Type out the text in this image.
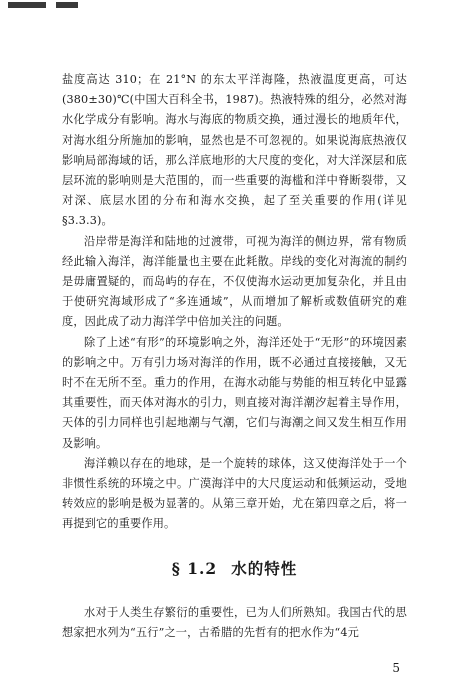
盐度高达 310；在 21°N 的东太平洋海隆，热液温度更高，可达(380±30)℃(中国大百科全书，1987)。热液特殊的组分，必然对海水化学成分有影响。海水与海底的物质交换，通过漫长的地质年代，对海水组分所施加的影响，显然也是不可忽视的。如果说海底热液仅影响局部海域的话，那么洋底地形的大尺度的变化，对大洋深层和底层环流的影响则是大范围的，而一些重要的海槛和洋中脊断裂带，又对深、底层水团的分布和海水交换，起了至关重要的作用(详见§3.3.3)。

沿岸带是海洋和陆地的过渡带，可视为海洋的侧边界，常有物质经此输入海洋，海洋能量也主要在此耗散。岸线的变化对海流的制约是毋庸置疑的，而岛屿的存在，不仅使海水运动更加复杂化，并且由于使研究海域形成了“多连通域”，从而增加了解析或数值研究的难度，因此成了动力海洋学中倍加关注的问题。

除了上述“有形”的环境影响之外，海洋还处于“无形”的环境因素的影响之中。万有引力场对海洋的作用，既不必通过直接接触，又无时不在无所不至。重力的作用，在海水动能与势能的相互转化中显露其重要性，而天体对海水的引力，则直接对海洋潮汐起着主导作用，天体的引力同样也引起地潮与气潮，它们与海潮之间又发生相互作用及影响。

海洋赖以存在的地球，是一个旋转的球体，这又使海洋处于一个非惯性系统的环境之中。广漠海洋中的大尺度运动和低频运动，受地转效应的影响是极为显著的。从第三章开始，尤在第四章之后，将一再提到它的重要作用。

§ 1.2 水的特性

水对于人类生存繁衍的重要性，已为人们所熟知。我国古代的思想家把水列为“五行”之一，古希腊的先哲有的把水作为“4元

5
